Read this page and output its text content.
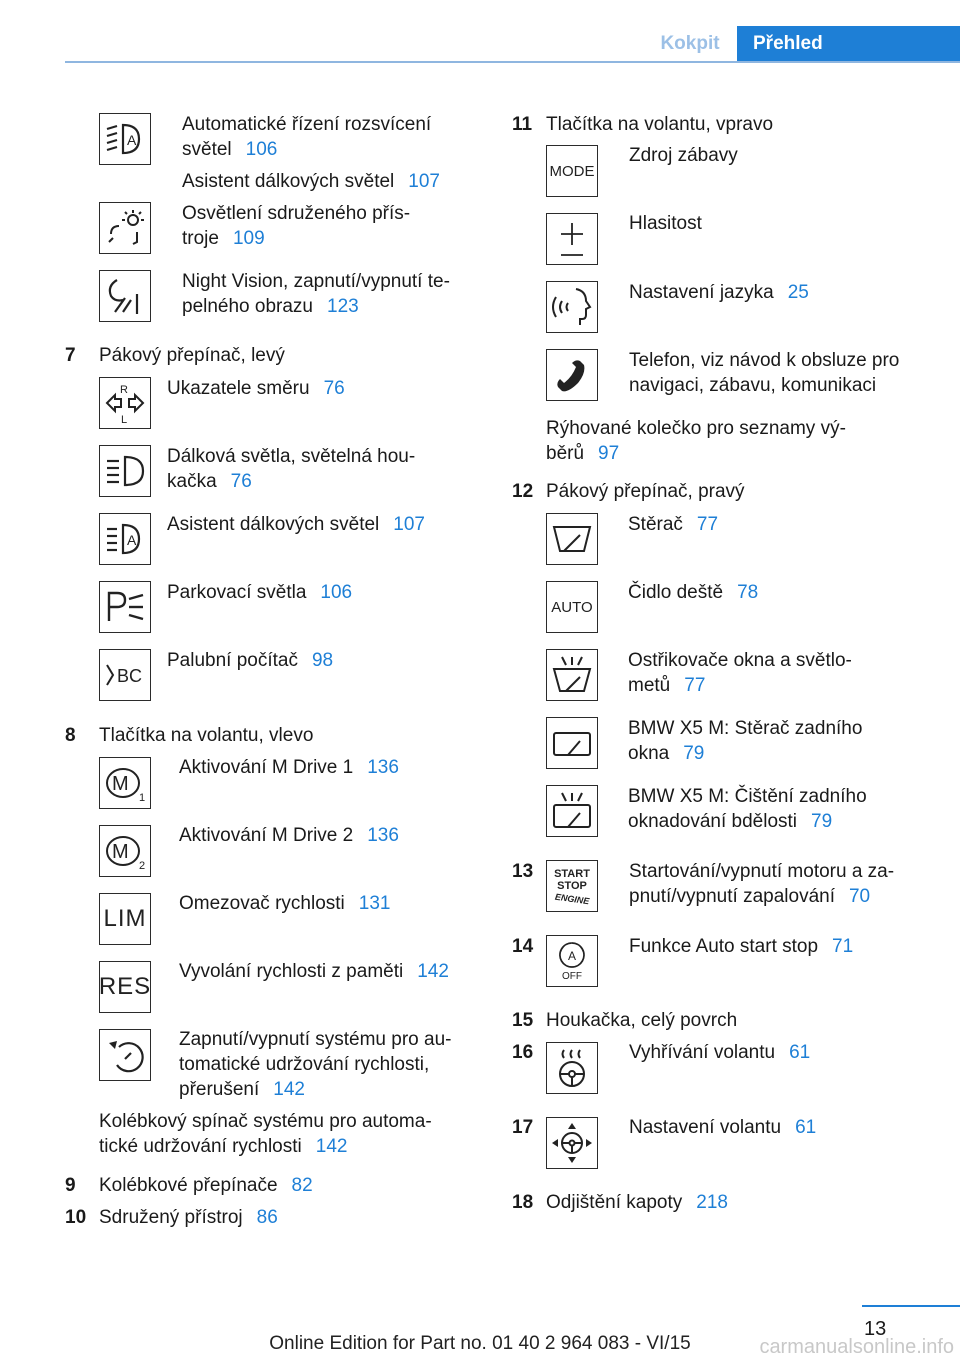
Kokpit	Přehled
A
Automatické řízení rozsvícení
světel 106
Asistent dálkových světel 107
Osvětlení sdruženého přís-
troje 109
Night Vision, zapnutí/vypnutí te-
pelného obrazu 123
7 Pákový přepínač, levý
R
L
Ukazatele směru 76
Dálková světla, světelná hou-
kačka 76
A
Asistent dálkových světel 107
Parkovací světla 106
BC
Palubní počítač 98
8 Tlačítka na volantu, vlevo
M
1
Aktivování M Drive 1 136
M
2
Aktivování M Drive 2 136
LIM
Omezovač rychlosti 131
RES
Vyvolání rychlosti z paměti 142
Zapnutí/vypnutí systému pro au-
tomatické udržování rychlosti,
přerušení 142
Kolébkový spínač systému pro automa-
tické udržování rychlosti 142
9 Kolébkové přepínače 82
10 Sdružený přístroj 86
11 Tlačítka na volantu, vpravo
MODE
Zdroj zábavy
Hlasitost
Nastavení jazyka 25
Telefon, viz návod k obsluze pro
navigaci, zábavu, komunikaci
Rýhované kolečko pro seznamy vý-
běrů 97
12 Pákový přepínač, pravý
Stěrač 77
AUTO
Čidlo deště 78
Ostřikovače okna a světlo-
metů 77
BMW X5 M: Stěrač zadního
okna 79
BMW X5 M: Čištění zadního
oknadování bdělosti 79
13 START
STOP
ENGINE
Startování/vypnutí motoru a za-
pnutí/vypnutí zapalování 70
14	A
OFF
Funkce Auto start stop 71
15 Houkačka, celý povrch
16	Vyhřívání volantu 61
17	Nastavení volantu 61
18 Odjištění kapoty 218
13
Online Edition for Part no. 01 40 2 964 083 - VI/15	carmanualsonline.info
